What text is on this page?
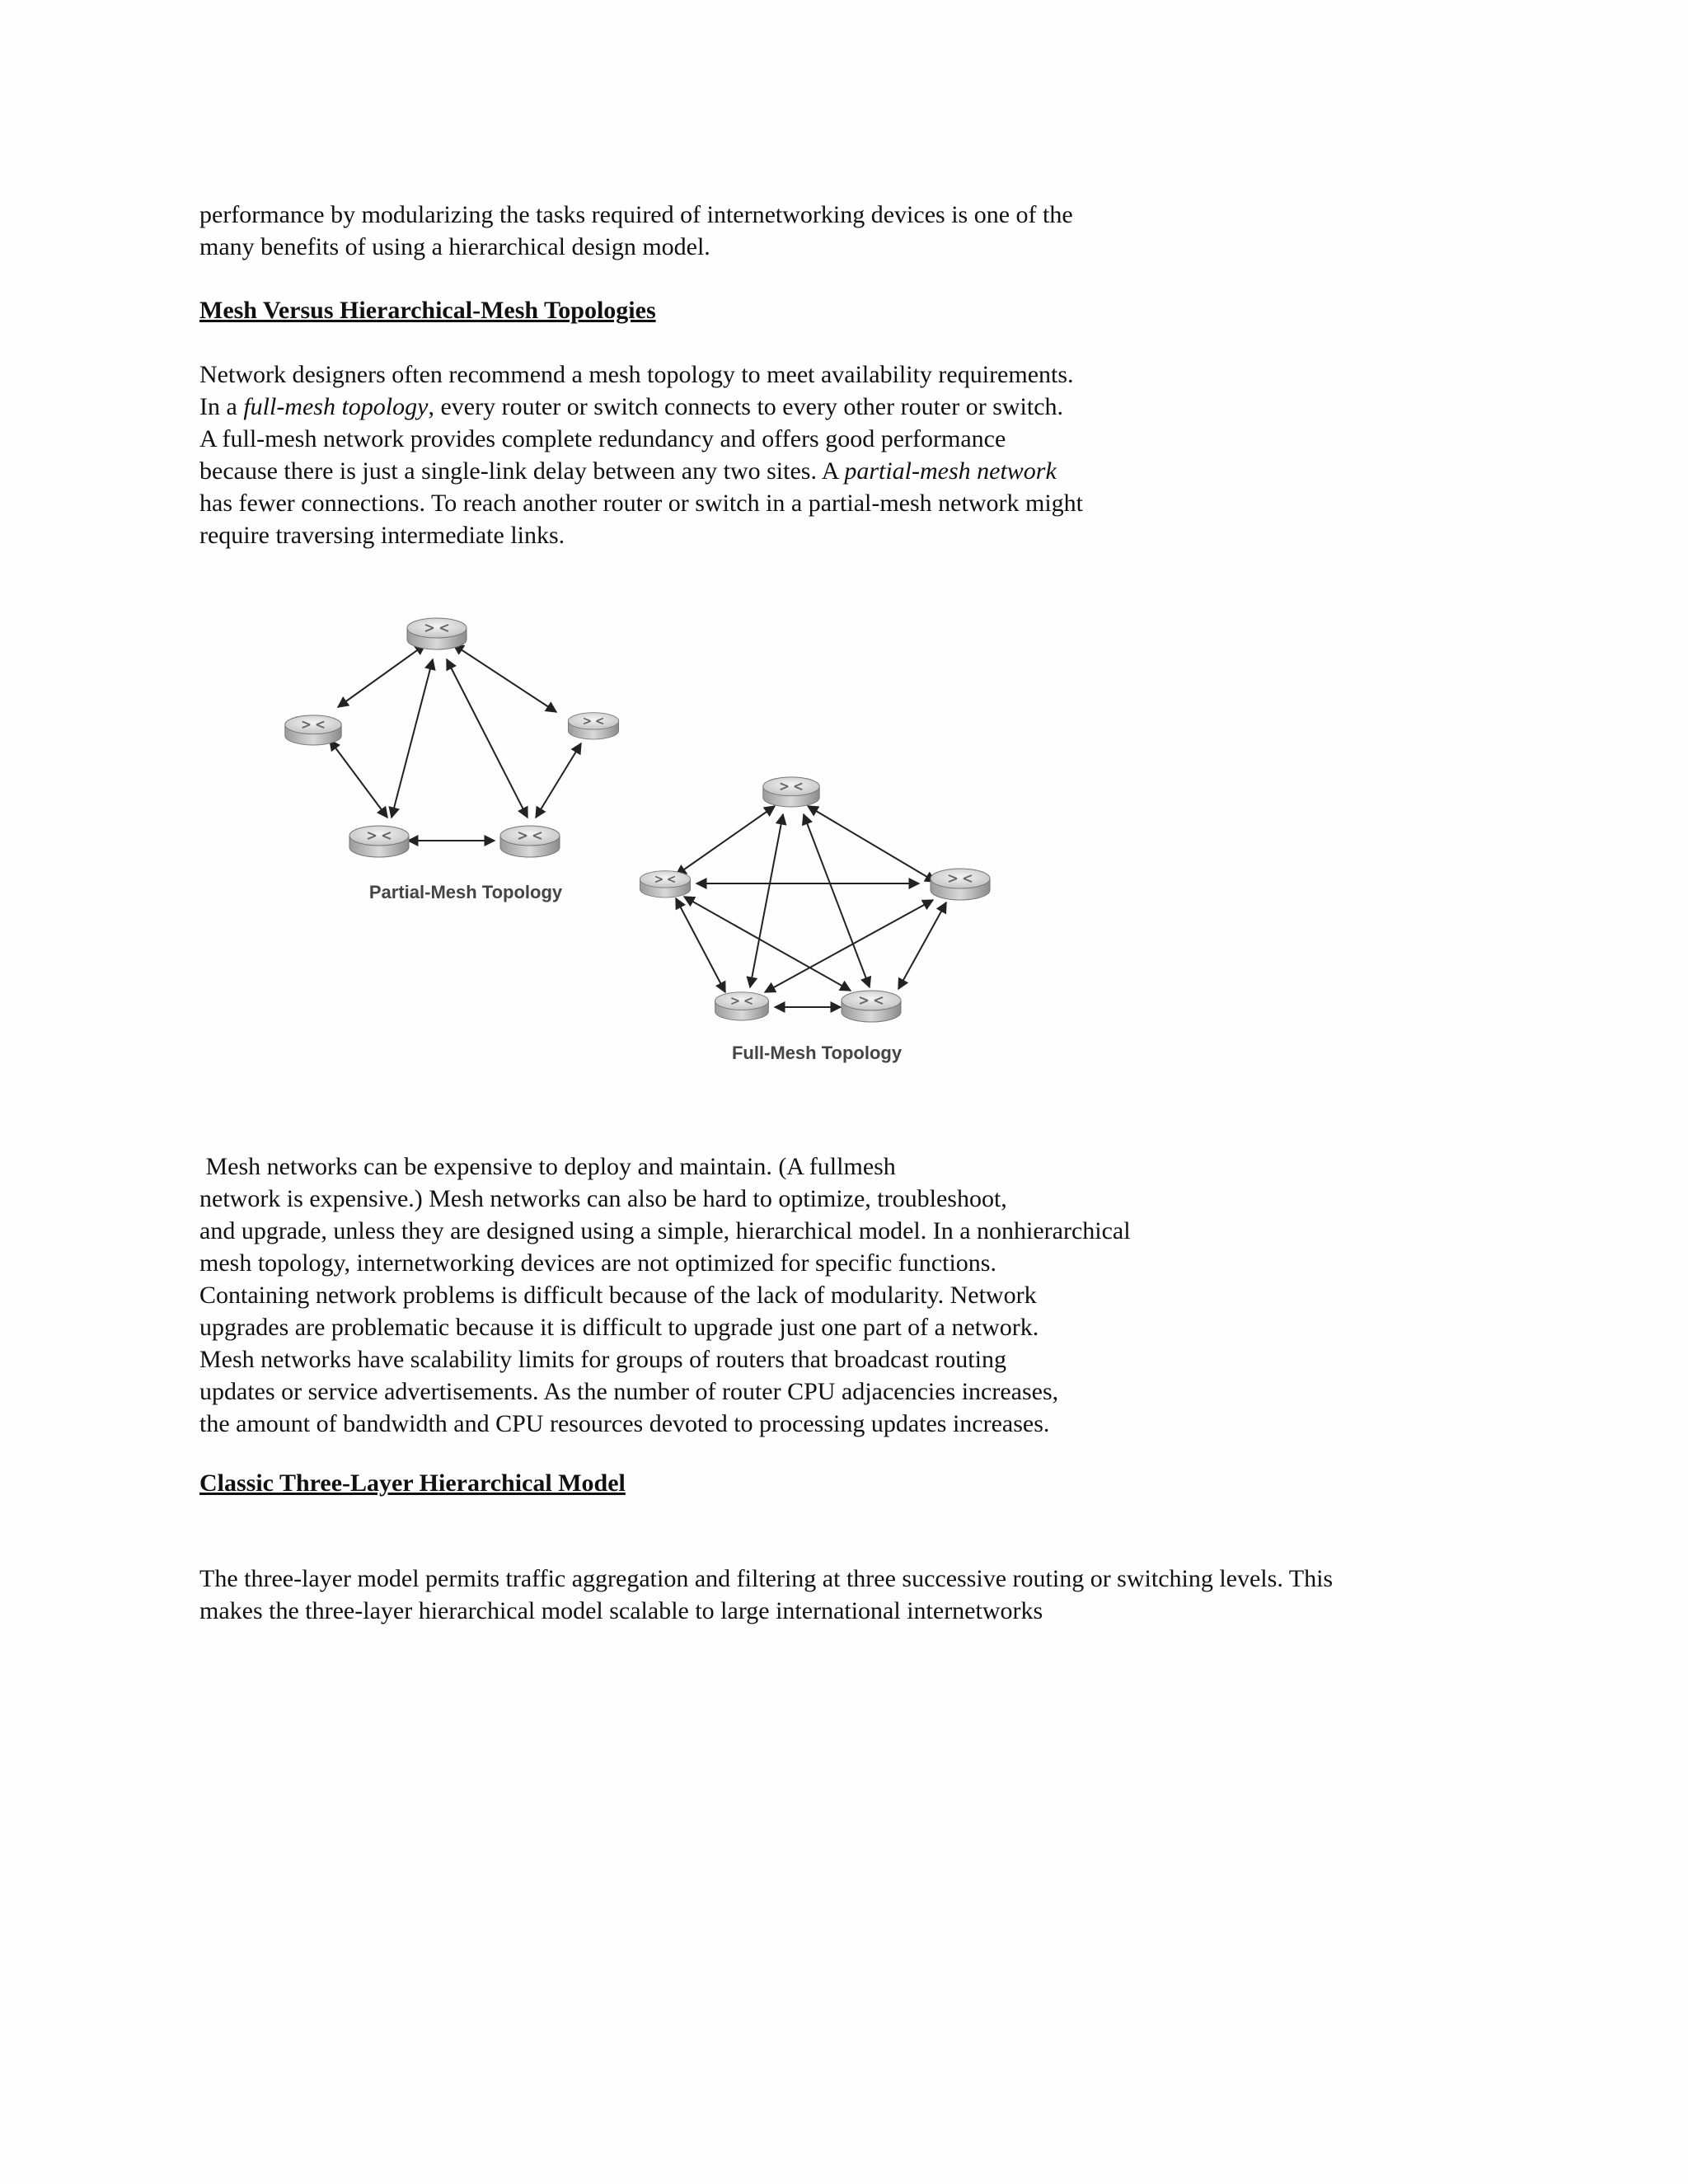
performance by modularizing the tasks required of internetworking devices is one of the

many benefits of using a hierarchical design model.

Mesh Versus Hierarchical-Mesh Topologies

Network designers often recommend a mesh topology to meet availability requirements.

In a full-mesh topology, every router or switch connects to every other router or switch.

A full-mesh network provides complete redundancy and offers good performance

because there is just a single-link delay between any two sites. A partial-mesh network

has fewer connections. To reach another router or switch in a partial-mesh network might

require traversing intermediate links.

Partial-Mesh Topology
Full-Mesh Topology

Mesh networks can be expensive to deploy and maintain. (A fullmesh

network is expensive.) Mesh networks can also be hard to optimize, troubleshoot,

and upgrade, unless they are designed using a simple, hierarchical model. In a nonhierarchical

mesh topology, internetworking devices are not optimized for specific functions.

Containing network problems is difficult because of the lack of modularity. Network

upgrades are problematic because it is difficult to upgrade just one part of a network.

Mesh networks have scalability limits for groups of routers that broadcast routing

updates or service advertisements. As the number of router CPU adjacencies increases,

the amount of bandwidth and CPU resources devoted to processing updates increases.

Classic Three-Layer Hierarchical Model

The three-layer model permits traffic aggregation and filtering at three successive routing or switching levels. This

makes the three-layer hierarchical model scalable to large international internetworks
